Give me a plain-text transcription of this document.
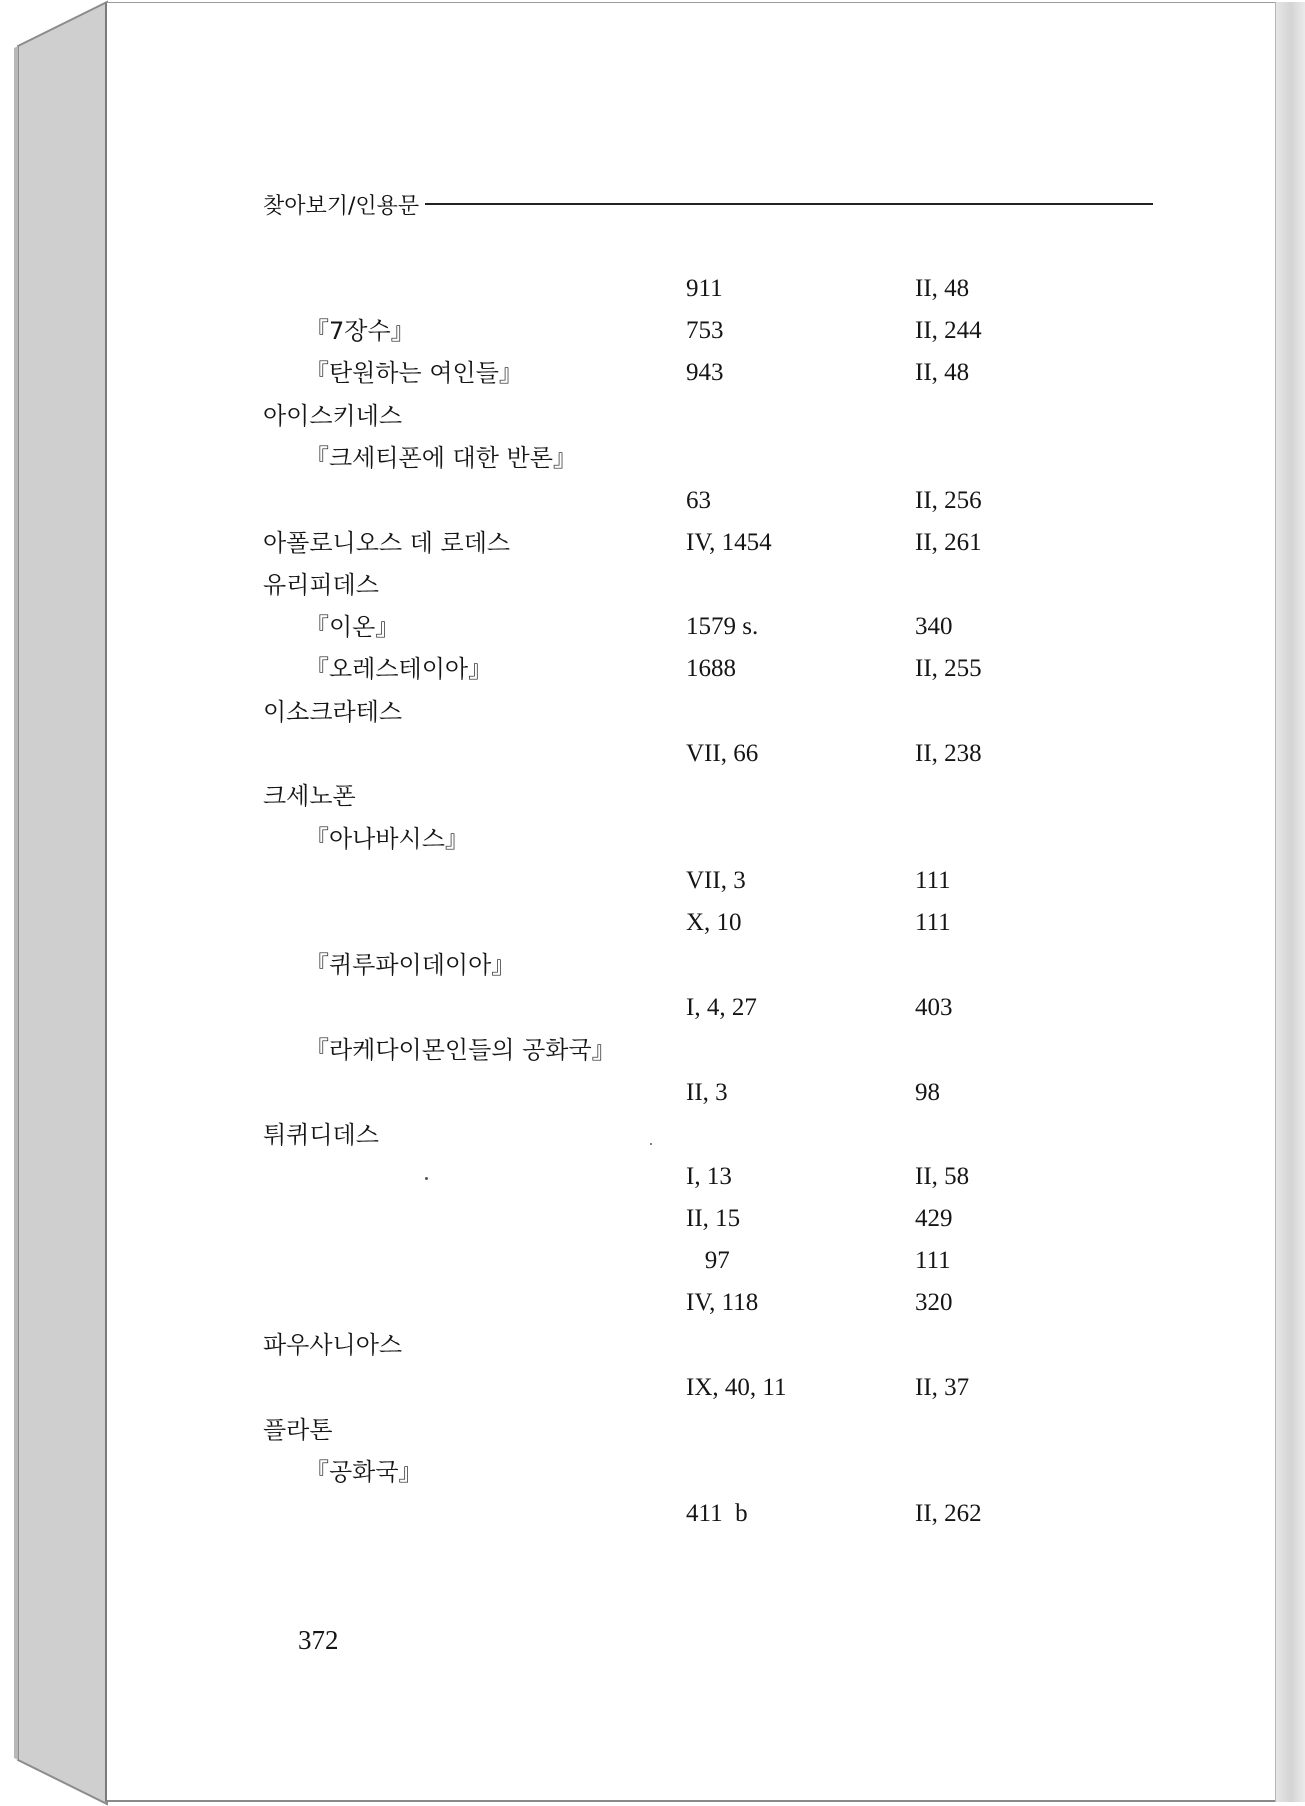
찾아보기/인용문
911	II, 48
『7장수』	753	II, 244
『탄원하는 여인들』	943	II, 48
아이스키네스
『크세티폰에 대한 반론』
63	II, 256
아폴로니오스 데 로데스	IV, 1454	II, 261
유리피데스
『이온』	1579 s.	340
『오레스테이아』	1688	II, 255
이소크라테스
VII, 66	II, 238
크세노폰
『아나바시스』
VII, 3	111
X, 10	111
『퀴루파이데이아』
I, 4, 27	403
『라케다이몬인들의 공화국』
II, 3	98
튀퀴디데스
I, 13	II, 58
II, 15	429
97	111
IV, 118	320
파우사니아스
IX, 40, 11	II, 37
플라톤
『공화국』
411  b	II, 262
372
